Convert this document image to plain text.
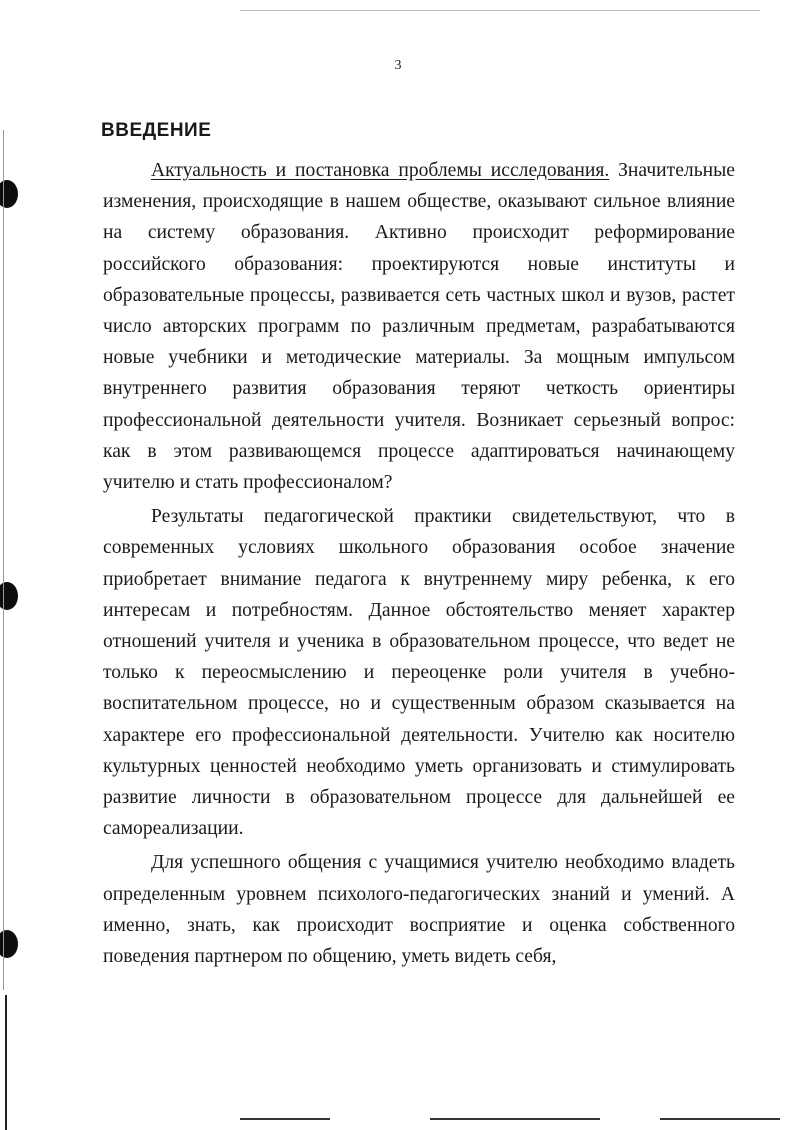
3
ВВЕДЕНИЕ

Актуальность и постановка проблемы исследования. Значительные изменения, происходящие в нашем обществе, оказывают сильное влияние на систему образования. Активно происходит реформирование российского образования: проектируются новые институты и образовательные процессы, развивается сеть частных школ и вузов, растет число авторских программ по различным предметам, разрабатываются новые учебники и методические материалы. За мощным импульсом внутреннего развития образования теряют четкость ориентиры профессиональной деятельности учителя. Возникает серьезный вопрос: как в этом развивающемся процессе адаптироваться начинающему учителю и стать профессионалом?

Результаты педагогической практики свидетельствуют, что в современных условиях школьного образования особое значение приобретает внимание педагога к внутреннему миру ребенка, к его интересам и потребностям. Данное обстоятельство меняет характер отношений учителя и ученика в образовательном процессе, что ведет не только к переосмыслению и переоценке роли учителя в учебно-воспитательном процессе, но и существенным образом сказывается на характере его профессиональной деятельности. Учителю как носителю культурных ценностей необходимо уметь организовать и стимулировать развитие личности в образовательном процессе для дальнейшей ее самореализации.

Для успешного общения с учащимися учителю необходимо владеть определенным уровнем психолого-педагогических знаний и умений. А именно, знать, как происходит восприятие и оценка собственного поведения партнером по общению, уметь видеть себя,
